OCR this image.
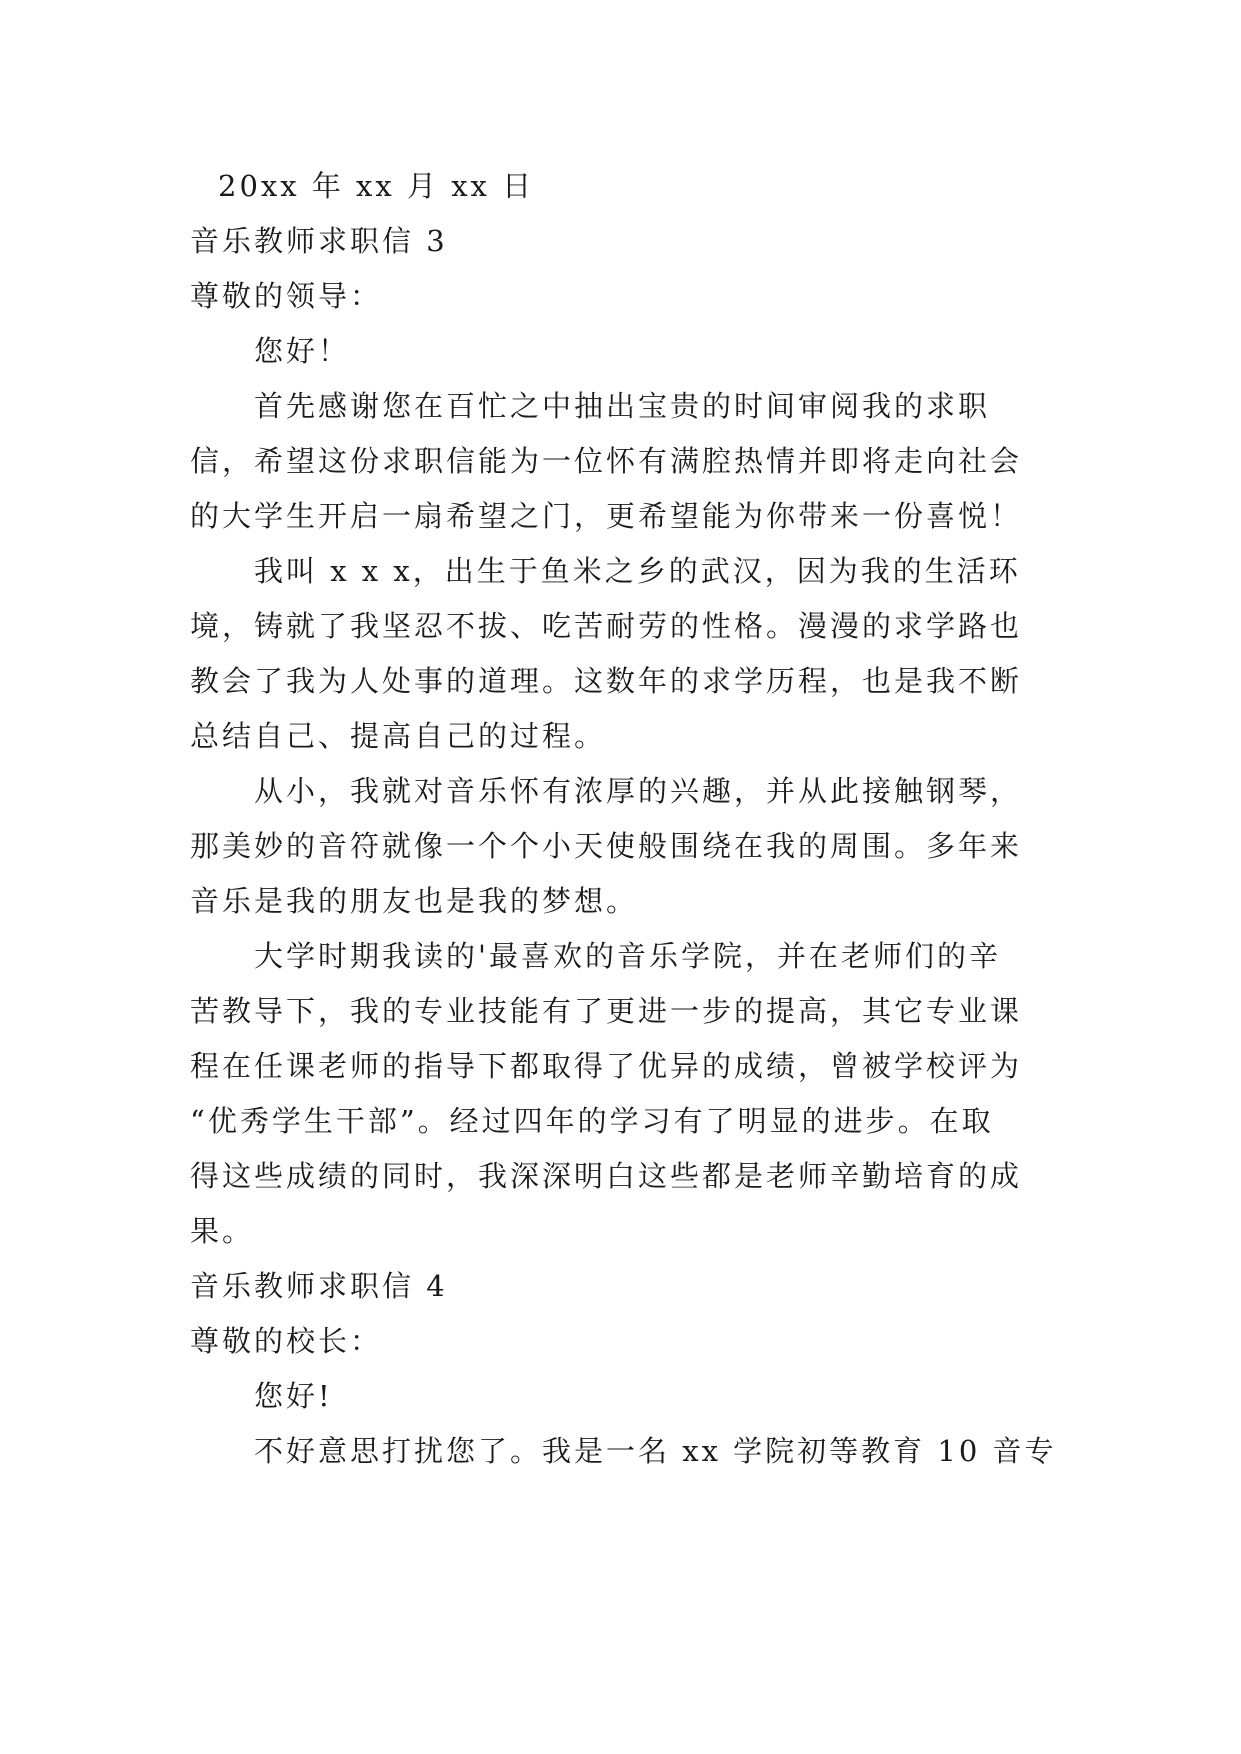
20xx 年 xx 月 xx 日
音乐教师求职信 3
尊敬的领导：
您好！
首先感谢您在百忙之中抽出宝贵的时间审阅我的求职
信，希望这份求职信能为一位怀有满腔热情并即将走向社会
的大学生开启一扇希望之门，更希望能为你带来一份喜悦！
我叫 x x x，出生于鱼米之乡的武汉，因为我的生活环
境，铸就了我坚忍不拔、吃苦耐劳的性格。漫漫的求学路也
教会了我为人处事的道理。这数年的求学历程，也是我不断
总结自己、提高自己的过程。
从小，我就对音乐怀有浓厚的兴趣，并从此接触钢琴，
那美妙的音符就像一个个小天使般围绕在我的周围。多年来
音乐是我的朋友也是我的梦想。
大学时期我读的'最喜欢的音乐学院，并在老师们的辛
苦教导下，我的专业技能有了更进一步的提高，其它专业课
程在任课老师的指导下都取得了优异的成绩，曾被学校评为
“优秀学生干部”。经过四年的学习有了明显的进步。在取
得这些成绩的同时，我深深明白这些都是老师辛勤培育的成
果。
音乐教师求职信 4
尊敬的校长：
您好!
不好意思打扰您了。我是一名 xx 学院初等教育 10 音专
